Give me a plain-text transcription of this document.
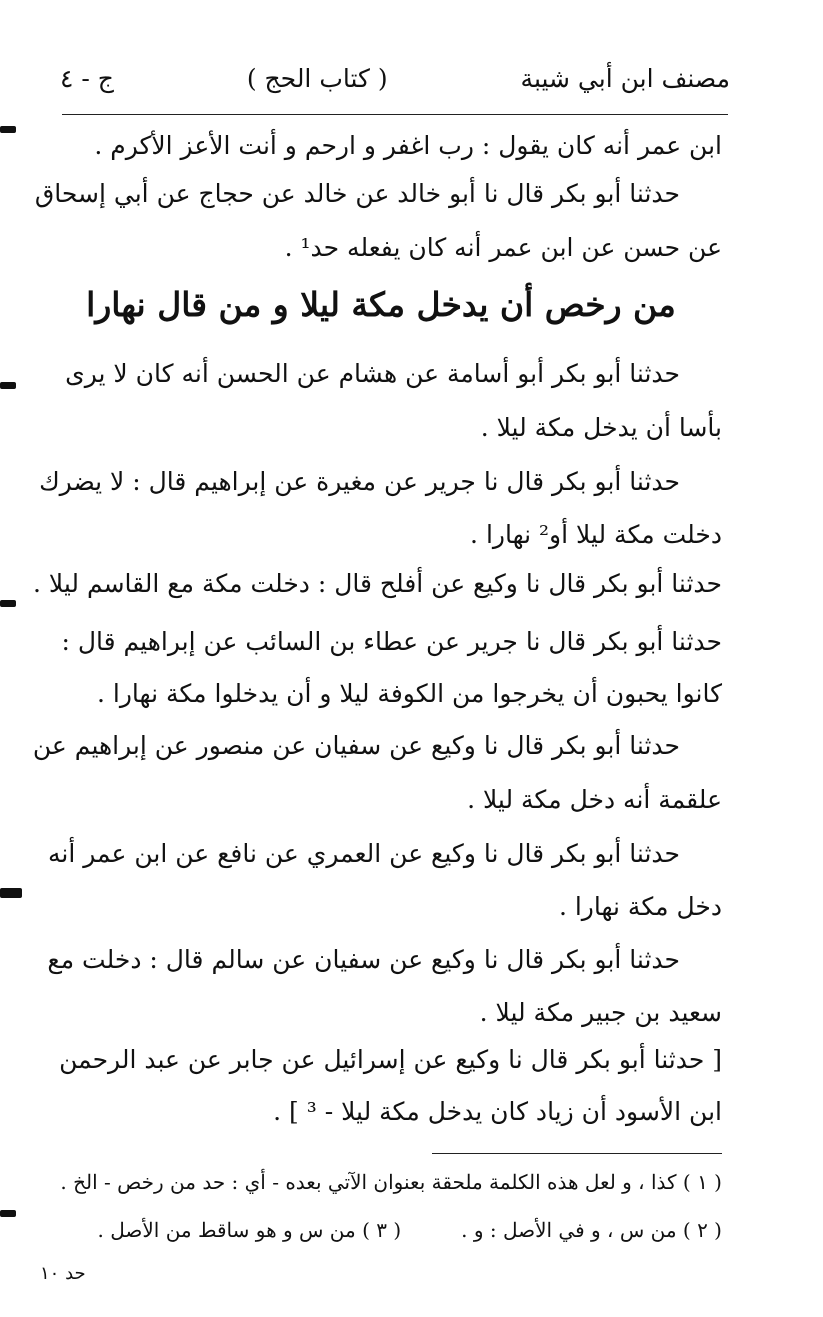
مصنف ابن أبي شيبة
( كتاب الحج )
ج - ٤
ابن عمر أنه كان يقول : رب اغفر و ارحم و أنت الأعز الأكرم .
حدثنا أبو بكر قال نا أبو خالد عن خالد عن حجاج عن أبي إسحاق
عن حسن عن ابن عمر أنه كان يفعله حد¹ .
من رخص أن يدخل مكة ليلا و من قال نهارا
حدثنا أبو بكر أبو أسامة عن هشام عن الحسن أنه كان لا يرى
بأسا أن يدخل مكة ليلا .
حدثنا أبو بكر قال نا جرير عن مغيرة عن إبراهيم قال : لا يضرك
دخلت مكة ليلا أو² نهارا .
حدثنا أبو بكر قال نا وكيع عن أفلح قال : دخلت مكة مع القاسم ليلا .
حدثنا أبو بكر قال نا جرير عن عطاء بن السائب عن إبراهيم قال :
كانوا يحبون أن يخرجوا من الكوفة ليلا و أن يدخلوا مكة نهارا .
حدثنا أبو بكر قال نا وكيع عن سفيان عن منصور عن إبراهيم عن
علقمة أنه دخل مكة ليلا .
حدثنا أبو بكر قال نا وكيع عن العمري عن نافع عن ابن عمر أنه
دخل مكة نهارا .
حدثنا أبو بكر قال نا وكيع عن سفيان عن سالم قال : دخلت مع
سعيد بن جبير مكة ليلا .
[ حدثنا أبو بكر قال نا وكيع عن إسرائيل عن جابر عن عبد الرحمن
ابن الأسود أن زياد كان يدخل مكة ليلا - ³ ] .
( ١ ) كذا ، و لعل هذه الكلمة ملحقة بعنوان الآتي بعده - أي : حد من رخص - الخ .
( ٢ ) من س ، و في الأصل : و .
( ٣ ) من س و هو ساقط من الأصل .
حد ١٠
